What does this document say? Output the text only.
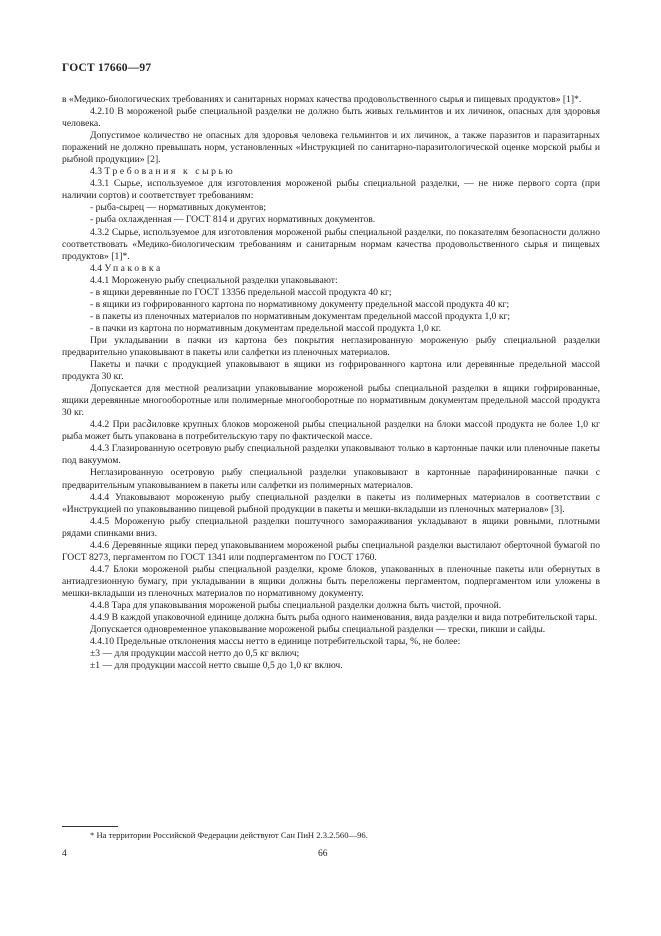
ГОСТ 17660—97

в «Медико-биологических требованиях и санитарных нормах качества продовольственного сырья и пищевых продуктов» [1]*.

4.2.10 В мороженой рыбе специальной разделки не должно быть живых гельминтов и их личинок, опасных для здоровья человека.

Допустимое количество не опасных для здоровья человека гельминтов и их личинок, а также паразитов и паразитарных поражений не должно превышать норм, установленных «Инструкцией по санитарно-паразитологической оценке морской рыбы и рыбной продукции» [2].

4.3 Требования к сырью

4.3.1 Сырье, используемое для изготовления мороженой рыбы специальной разделки, — не ниже первого сорта (при наличии сортов) и соответствует требованиям:

- рыба-сырец — нормативных документов;

- рыба охлажденная — ГОСТ 814 и других нормативных документов.

4.3.2 Сырье, используемое для изготовления мороженой рыбы специальной разделки, по показателям безопасности должно соответствовать «Медико-биологическим требованиям и санитарным нормам качества продовольственного сырья и пищевых продуктов» [1]*.

4.4 Упаковка

4.4.1 Мороженую рыбу специальной разделки упаковывают:

- в ящики деревянные по ГОСТ 13356 предельной массой продукта 40 кг;

- в ящики из гофрированного картона по нормативному документу предельной массой продукта 40 кг;

- в пакеты из пленочных материалов по нормативным документам предельной массой продукта 1,0 кг;

- в пачки из картона по нормативным документам предельной массой продукта 1,0 кг.

При укладывании в пачки из картона без покрытия неглазированную мороженую рыбу специальной разделки предварительно упаковывают в пакеты или салфетки из пленочных материалов.

Пакеты и пачки с продукцией упаковывают в ящики из гофрированного картона или деревянные предельной массой продукта 30 кг.

Допускается для местной реализации упаковывание мороженой рыбы специальной разделки в ящики гофрированные, ящики деревянные многооборотные или полимерные многооборотные по нормативным документам предельной массой продукта 30 кг.

4.4.2 При расპиловке крупных блоков мороженой рыбы специальной разделки на блоки массой продукта не более 1,0 кг рыба может быть упакована в потребительскую тару по фактической массе.

4.4.3 Глазированную осетровую рыбу специальной разделки упаковывают только в картонные пачки или пленочные пакеты под вакуумом.

Неглазированную осетровую рыбу специальной разделки упаковывают в картонные парафинированные пачки с предварительным упаковыванием в пакеты или салфетки из полимерных материалов.

4.4.4 Упаковывают мороженую рыбу специальной разделки в пакеты из полимерных материалов в соответствии с «Инструкцией по упаковыванию пищевой рыбной продукции в пакеты и мешки-вкладыши из пленочных материалов» [3].

4.4.5 Мороженую рыбу специальной разделки поштучного замораживания укладывают в ящики ровными, плотными рядами спинками вниз.

4.4.6 Деревянные ящики перед упаковыванием мороженой рыбы специальной разделки выстилают оберточной бумагой по ГОСТ 8273, пергаментом по ГОСТ 1341 или подпергаментом по ГОСТ 1760.

4.4.7 Блоки мороженой рыбы специальной разделки, кроме блоков, упакованных в пленочные пакеты или обернутых в антиадгезионную бумагу, при укладывании в ящики должны быть переложены пергаментом, подпергаментом или уложены в мешки-вкладыши из пленочных материалов по нормативному документу.

4.4.8 Тара для упаковывания мороженой рыбы специальной разделки должна быть чистой, прочной.

4.4.9 В каждой упаковочной единице должна быть рыба одного наименования, вида разделки и вида потребительской тары.

Допускается одновременное упаковывание мороженой рыбы специальной разделки — трески, пикши и сайды.

4.4.10 Предельные отклонения массы нетто в единице потребительской тары, %, не более:

±3 — для продукции массой нетто до 0,5 кг включ;

±1 — для продукции массой нетто свыше 0,5 до 1,0 кг включ.

* На территории Российской Федерации действуют Сан ПиН 2.3.2.560—96.
4	66
